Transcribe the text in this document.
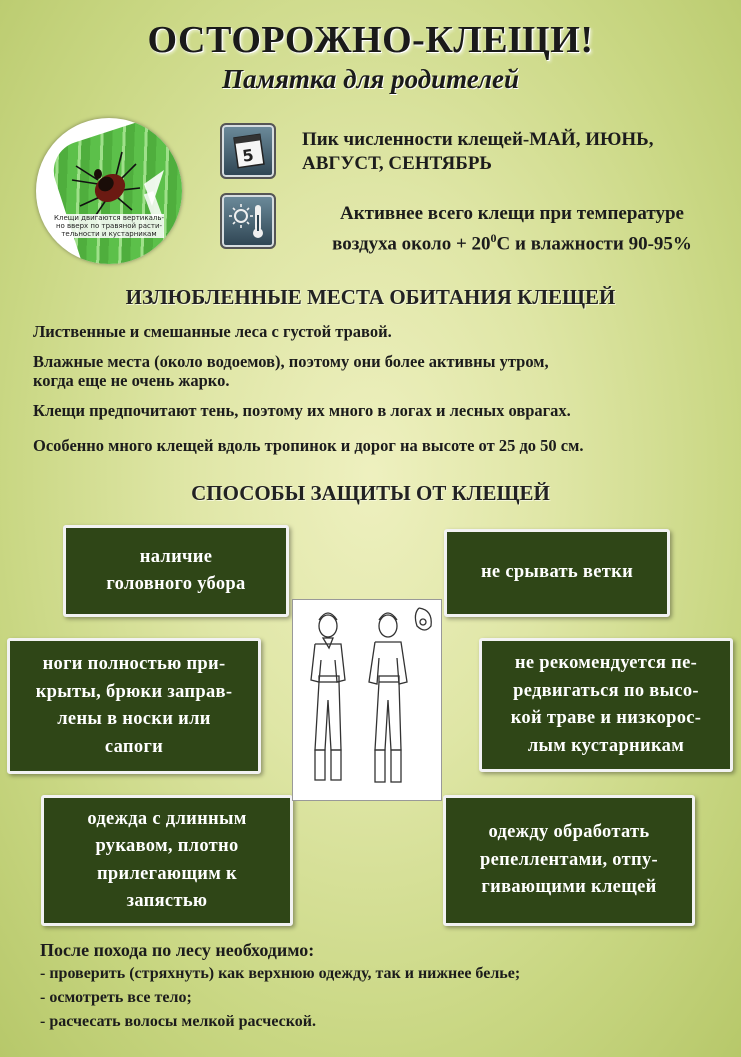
ОСТОРОЖНО-КЛЕЩИ!
Памятка для родителей
Клещи двигаются вертикаль-но вверх по травяной расти-тельности и кустарникам
5
Пик численности клещей-МАЙ, ИЮНЬ, АВГУСТ, СЕНТЯБРЬ
Активнее всего клещи при температуре
воздуха около + $20^0С$ и влажности 90-95%
ИЗЛЮБЛЕННЫЕ МЕСТА ОБИТАНИЯ КЛЕЩЕЙ
Лиственные и смешанные леса с густой травой.
Влажные места (около водоемов), поэтому они более активны утром,
когда еще не очень жарко.
Клещи предпочитают тень, поэтому их много в логах и лесных оврагах.
Особенно много клещей вдоль тропинок и дорог на высоте от 25 до 50 см.
СПОСОБЫ ЗАЩИТЫ ОТ КЛЕЩЕЙ
наличие
головного убора
не срывать ветки
ноги полностью при-
крыты, брюки заправ-
лены в носки или
сапоги
не рекомендуется пе-
редвигаться по высо-
кой траве и низкорос-
лым кустарникам
одежда с длинным
рукавом, плотно
прилегающим к
запястью
одежду обработать
репеллентами, отпу-
гивающими клещей
После похода по лесу необходимо:
- проверить (стряхнуть) как верхнюю одежду, так и нижнее белье;
- осмотреть все тело;
- расчесать волосы мелкой расческой.
